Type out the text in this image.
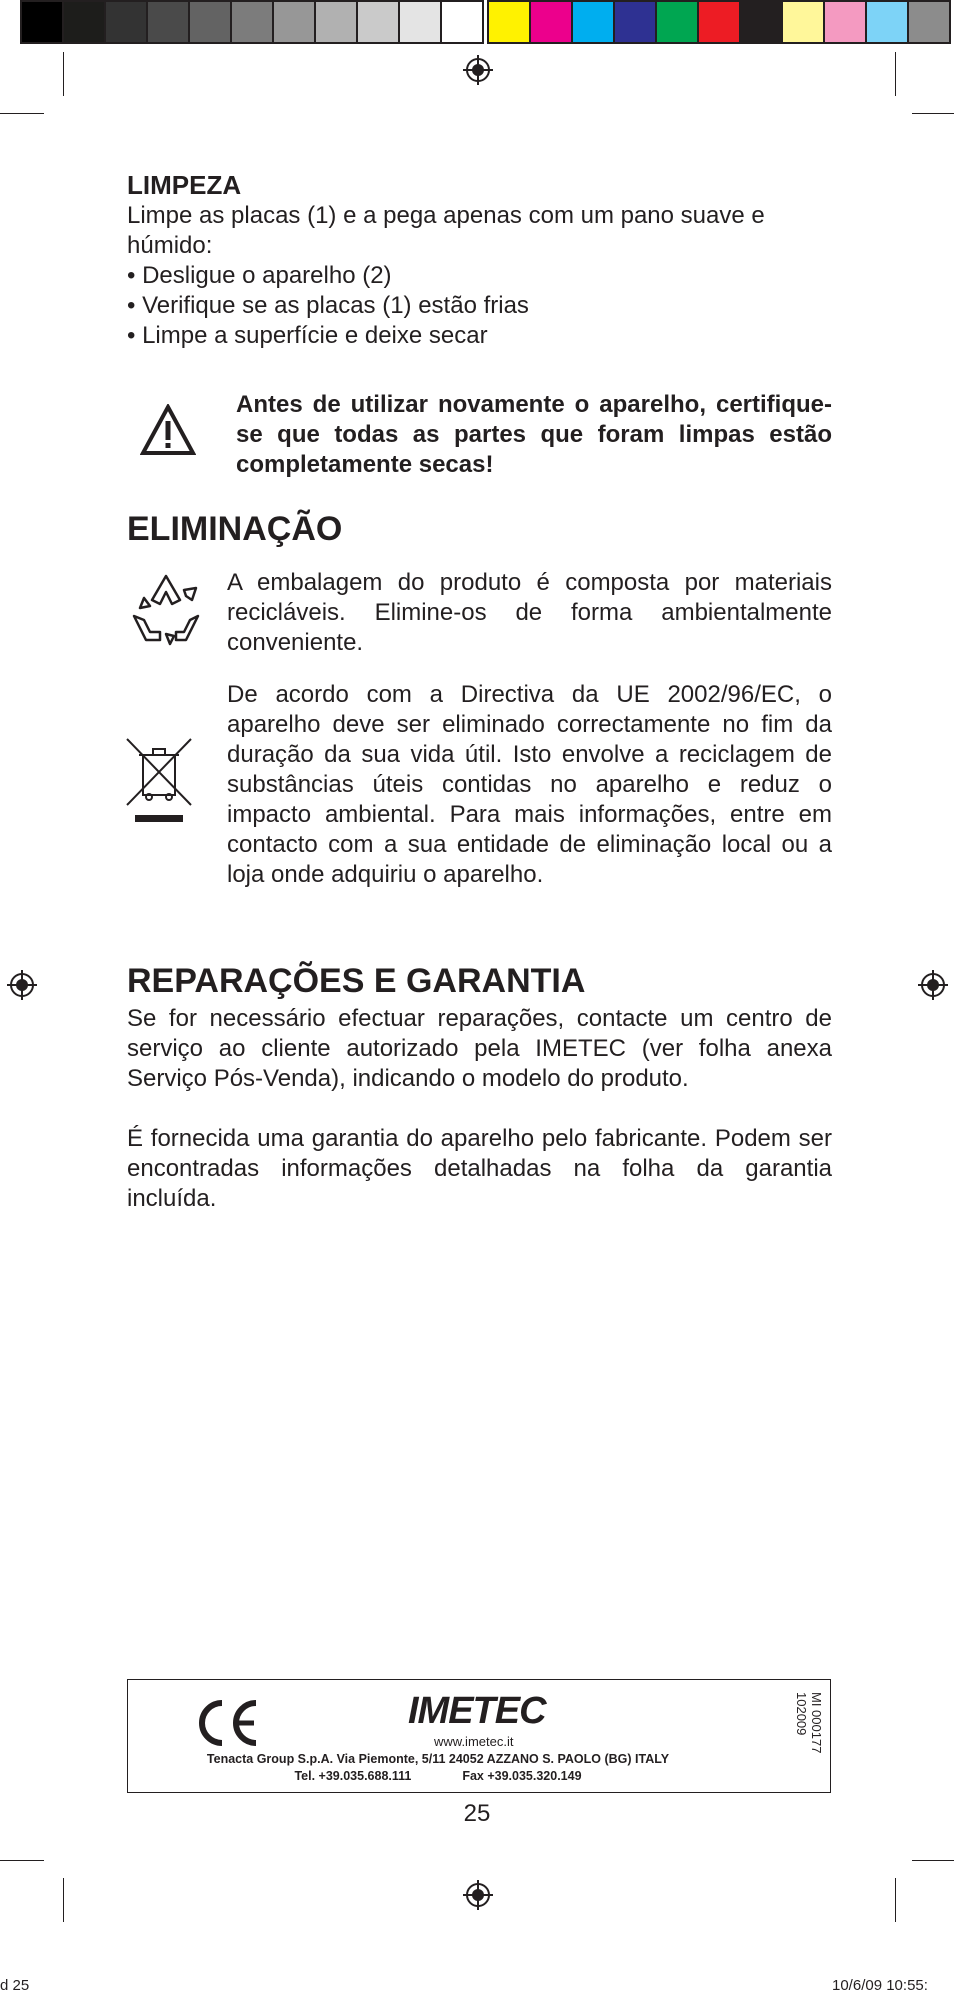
LIMPEZA
Limpe as placas (1) e a pega apenas com um pano suave e húmido:
• Desligue o aparelho (2)
• Verifique se as placas (1) estão frias
• Limpe a superfície e deixe secar
Antes de utilizar novamente o aparelho, certifique-se que todas as partes que foram limpas estão completamente secas!
ELIMINAÇÃO
A embalagem do produto é composta por materiais recicláveis. Elimine-os de forma ambientalmente conveniente.
De acordo com a Directiva da UE 2002/96/EC, o aparelho deve ser eliminado correctamente no fim da duração da sua vida útil. Isto envolve a reciclagem de substâncias úteis contidas no aparelho e reduz o impacto ambiental. Para mais informações, entre em contacto com a sua entidade de eliminação local ou a loja onde adquiriu o aparelho.
REPARAÇÕES E GARANTIA
Se for necessário efectuar reparações, contacte um centro de serviço ao cliente autorizado pela IMETEC (ver folha anexa Serviço Pós-Venda), indicando o modelo do produto.
É fornecida uma garantia do aparelho pelo fabricante. Podem ser encontradas informações detalhadas na folha da garantia incluída.
IMETEC
www.imetec.it
Tenacta Group S.p.A. Via Piemonte, 5/11 24052 AZZANO S. PAOLO (BG) ITALY
Tel. +39.035.688.111	Fax +39.035.320.149
MI 000177
102009
25
d 25	10/6/09 10:55:
